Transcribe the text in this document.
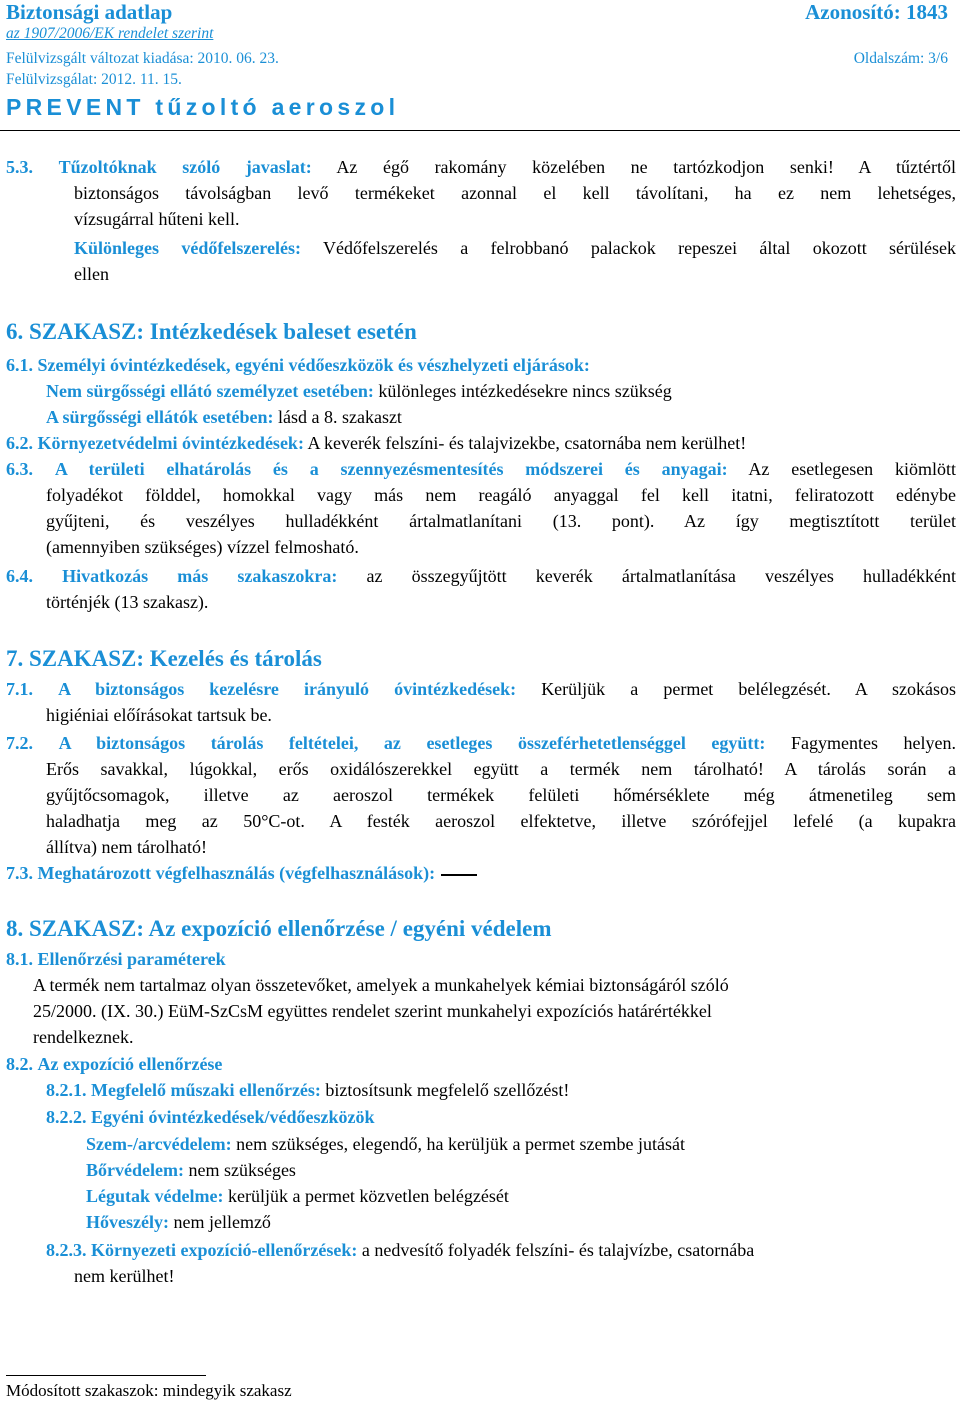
Biztonsági adatlap	Azonosító: 1843
az 1907/2006/EK rendelet szerint
Felülvizsgált változat kiadása: 2010. 06. 23.	Oldalszám: 3/6
Felülvizsgálat: 2012. 11. 15.
PREVENT tűzoltó aeroszol
5.3. Tűzoltóknak szóló javaslat: Az égő rakomány közelében ne tartózkodjon senki! A tűztértől
biztonságos távolságban levő termékeket azonnal el kell távolítani, ha ez nem lehetséges,
vízsugárral hűteni kell.
Különleges védőfelszerelés: Védőfelszerelés a felrobbanó palackok repeszei által okozott sérülések
ellen
6. SZAKASZ: Intézkedések baleset esetén
6.1. Személyi óvintézkedések, egyéni védőeszközök és vészhelyzeti eljárások:
Nem sürgősségi ellátó személyzet esetében: különleges intézkedésekre nincs szükség
A sürgősségi ellátók esetében: lásd a 8. szakaszt
6.2. Környezetvédelmi óvintézkedések: A keverék felszíni- és talajvizekbe, csatornába nem kerülhet!
6.3. A területi elhatárolás és a szennyezésmentesítés módszerei és anyagai: Az esetlegesen kiömlött
folyadékot földdel, homokkal vagy más nem reagáló anyaggal fel kell itatni, feliratozott edénybe
gyűjteni, és veszélyes hulladékként ártalmatlanítani (13. pont). Az így megtisztított terület
(amennyiben szükséges) vízzel felmosható.
6.4. Hivatkozás más szakaszokra: az összegyűjtött keverék ártalmatlanítása veszélyes hulladékként
történjék (13 szakasz).
7. SZAKASZ: Kezelés és tárolás
7.1. A biztonságos kezelésre irányuló óvintézkedések: Kerüljük a permet belélegzését. A szokásos
higiéniai előírásokat tartsuk be.
7.2. A biztonságos tárolás feltételei, az esetleges összeférhetetlenséggel együtt: Fagymentes helyen.
Erős savakkal, lúgokkal, erős oxidálószerekkel együtt a termék nem tárolható! A tárolás során a
gyűjtőcsomagok, illetve az aeroszol termékek felületi hőmérséklete még átmenetileg sem
haladhatja meg az 50°C-ot. A festék aeroszol elfektetve, illetve szórófejjel lefelé (a kupakra
állítva) nem tárolható!
7.3. Meghatározott végfelhasználás (végfelhasználások):
8. SZAKASZ: Az expozíció ellenőrzése / egyéni védelem
8.1. Ellenőrzési paraméterek
A termék nem tartalmaz olyan összetevőket, amelyek a munkahelyek kémiai biztonságáról szóló
25/2000. (IX. 30.) EüM-SzCsM együttes rendelet szerint munkahelyi expozíciós határértékkel
rendelkeznek.
8.2. Az expozíció ellenőrzése
8.2.1. Megfelelő műszaki ellenőrzés: biztosítsunk megfelelő szellőzést!
8.2.2. Egyéni óvintézkedések/védőeszközök
Szem-/arcvédelem: nem szükséges, elegendő, ha kerüljük a permet szembe jutását
Bőrvédelem: nem szükséges
Légutak védelme: kerüljük a permet közvetlen belégzését
Hőveszély: nem jellemző
8.2.3. Környezeti expozíció-ellenőrzések: a nedvesítő folyadék felszíni- és talajvízbe, csatornába
nem kerülhet!
Módosított szakaszok: mindegyik szakasz
